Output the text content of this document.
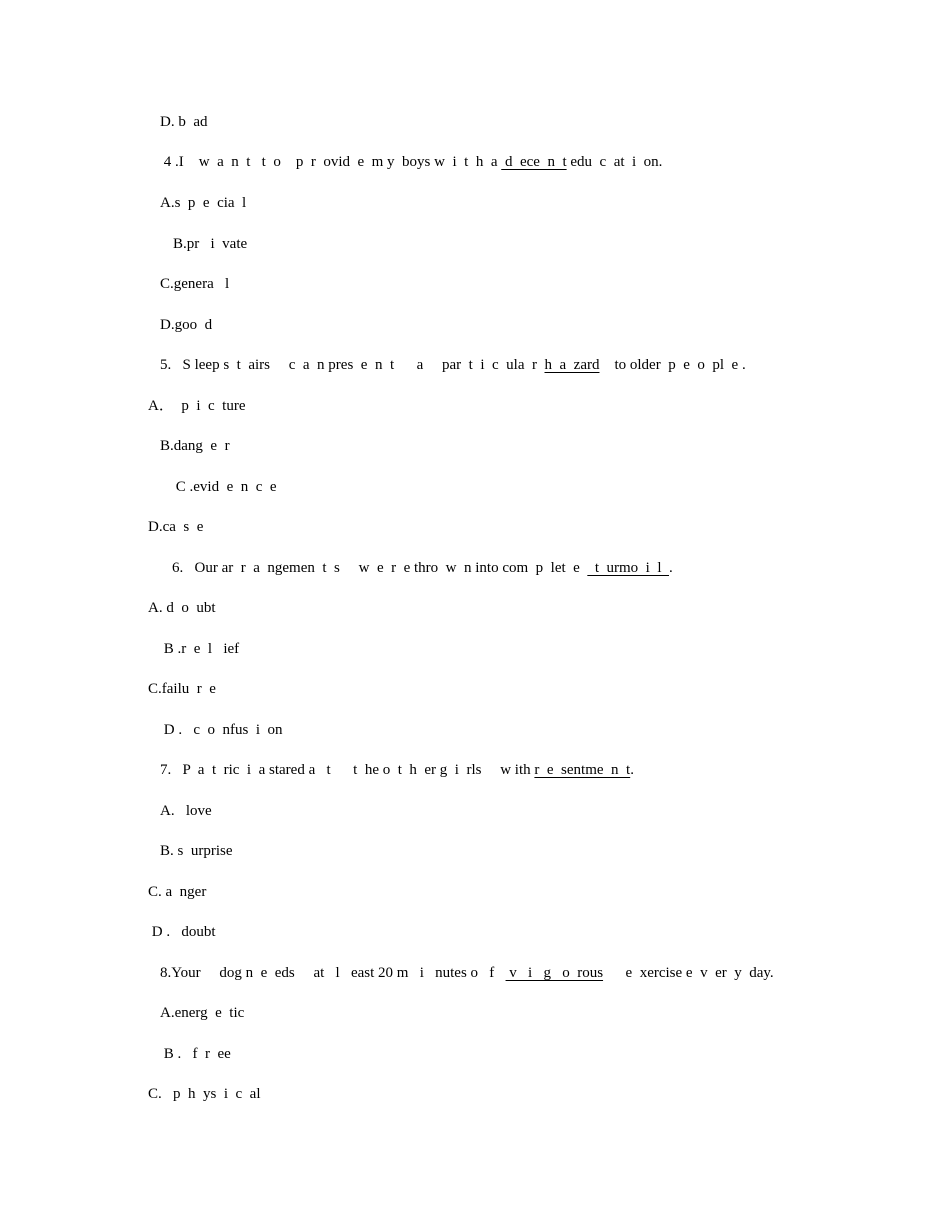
D. b  ad
4 .I    w  a  n  t   t  o    p  r  ovid  e  m y  boys w  i  t  h  a  d  ece  n  t edu  c  at  i  on.
A.s  p  e  cia  l
B.pr   i  vate
C.genera   l
D.goo  d
5.   S leep s  t  airs     c  a  n pres  e  n  t      a     par  t  i  c  ula  r  h  a  zard    to older  p  e  o  pl  e .
A．  p  i  c  ture
B.dang  e  r
C .evid  e  n  c  e
D.ca  s  e
6.   Our ar  r  a  ngemen  t  s     w  e  r  e thro  w  n into com  p  let  e    t  urmo  i  l  .
A. d  o  ubt
B .r  e  l   ief
C.failu  r  e
D .   c  o  nfus  i  on
7.   P  a  t  ric  i  a stared a   t      t  he o  t  h  er g  i  rls     w ith r  e  sentme  n  t.
A.   love
B. s  urprise
C. a  nger
D .   doubt
8.Your     dog n  e  eds     at   l   east 20 m   i   nutes o   f    v   i   g   o  rous      e  xercise e  v  er  y  day.
A.energ  e  tic
B .   f  r  ee
C.   p  h  ys  i  c  al
